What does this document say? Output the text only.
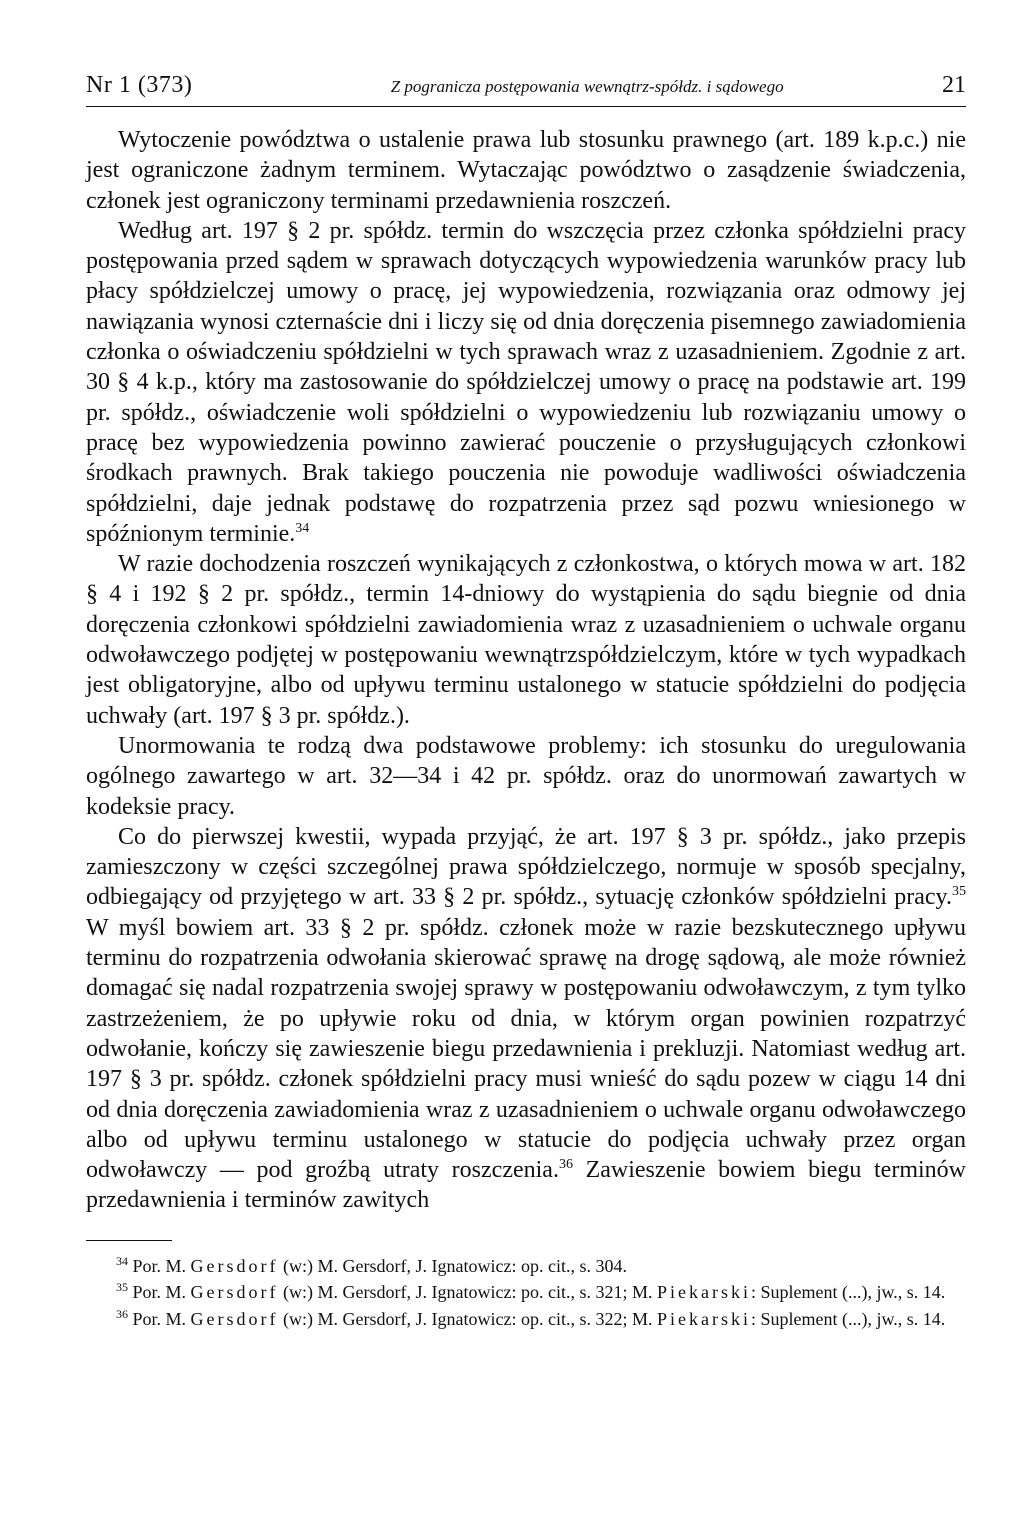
Nr 1 (373)	Z pogranicza postępowania wewnątrz-spółdz. i sądowego	21

Wytoczenie powództwa o ustalenie prawa lub stosunku prawnego (art. 189 k.p.c.) nie jest ograniczone żadnym terminem. Wytaczając powództwo o zasądzenie świadczenia, członek jest ograniczony terminami przedawnienia roszczeń.

Według art. 197 § 2 pr. spółdz. termin do wszczęcia przez członka spółdzielni pracy postępowania przed sądem w sprawach dotyczących wypowiedzenia warunków pracy lub płacy spółdzielczej umowy o pracę, jej wypowiedzenia, rozwiązania oraz odmowy jej nawiązania wynosi czternaście dni i liczy się od dnia doręczenia pisemnego zawiadomienia członka o oświadczeniu spółdzielni w tych sprawach wraz z uzasadnieniem. Zgodnie z art. 30 § 4 k.p., który ma zastosowanie do spółdzielczej umowy o pracę na podstawie art. 199 pr. spółdz., oświadczenie woli spółdzielni o wypowiedzeniu lub rozwiązaniu umowy o pracę bez wypowiedzenia powinno zawierać pouczenie o przysługujących członkowi środkach prawnych. Brak takiego pouczenia nie powoduje wadliwości oświadczenia spółdzielni, daje jednak podstawę do rozpatrzenia przez sąd pozwu wniesionego w spóźnionym terminie.$^{34}$

W razie dochodzenia roszczeń wynikających z członkostwa, o których mowa w art. 182 § 4 i 192 § 2 pr. spółdz., termin 14-dniowy do wystąpienia do sądu biegnie od dnia doręczenia członkowi spółdzielni zawiadomienia wraz z uzasadnieniem o uchwale organu odwoławczego podjętej w postępowaniu wewnątrzspółdzielczym, które w tych wypadkach jest obligatoryjne, albo od upływu terminu ustalonego w statucie spółdzielni do podjęcia uchwały (art. 197 § 3 pr. spółdz.).

Unormowania te rodzą dwa podstawowe problemy: ich stosunku do uregulowania ogólnego zawartego w art. 32—34 i 42 pr. spółdz. oraz do unormowań zawartych w kodeksie pracy.

Co do pierwszej kwestii, wypada przyjąć, że art. 197 § 3 pr. spółdz., jako przepis zamieszczony w części szczególnej prawa spółdzielczego, normuje w sposób specjalny, odbiegający od przyjętego w art. 33 § 2 pr. spółdz., sytuację członków spółdzielni pracy.$^{35}$ W myśl bowiem art. 33 § 2 pr. spółdz. członek może w razie bezskutecznego upływu terminu do rozpatrzenia odwołania skierować sprawę na drogę sądową, ale może również domagać się nadal rozpatrzenia swojej sprawy w postępowaniu odwoławczym, z tym tylko zastrzeżeniem, że po upływie roku od dnia, w którym organ powinien rozpatrzyć odwołanie, kończy się zawieszenie biegu przedawnienia i prekluzji. Natomiast według art. 197 § 3 pr. spółdz. członek spółdzielni pracy musi wnieść do sądu pozew w ciągu 14 dni od dnia doręczenia zawiadomienia wraz z uzasadnieniem o uchwale organu odwoławczego albo od upływu terminu ustalonego w statucie do podjęcia uchwały przez organ odwoławczy — pod groźbą utraty roszczenia.$^{36}$ Zawieszenie bowiem biegu terminów przedawnienia i terminów zawitych

$^{34}$ Por. M. Gersdorf (w:) M. Gersdorf, J. Ignatowicz: op. cit., s. 304.

$^{35}$ Por. M. Gersdorf (w:) M. Gersdorf, J. Ignatowicz: po. cit., s. 321; M. Piekarski: Suplement (...), jw., s. 14.

$^{36}$ Por. M. Gersdorf (w:) M. Gersdorf, J. Ignatowicz: op. cit., s. 322; M. Piekarski: Suplement (...), jw., s. 14.
